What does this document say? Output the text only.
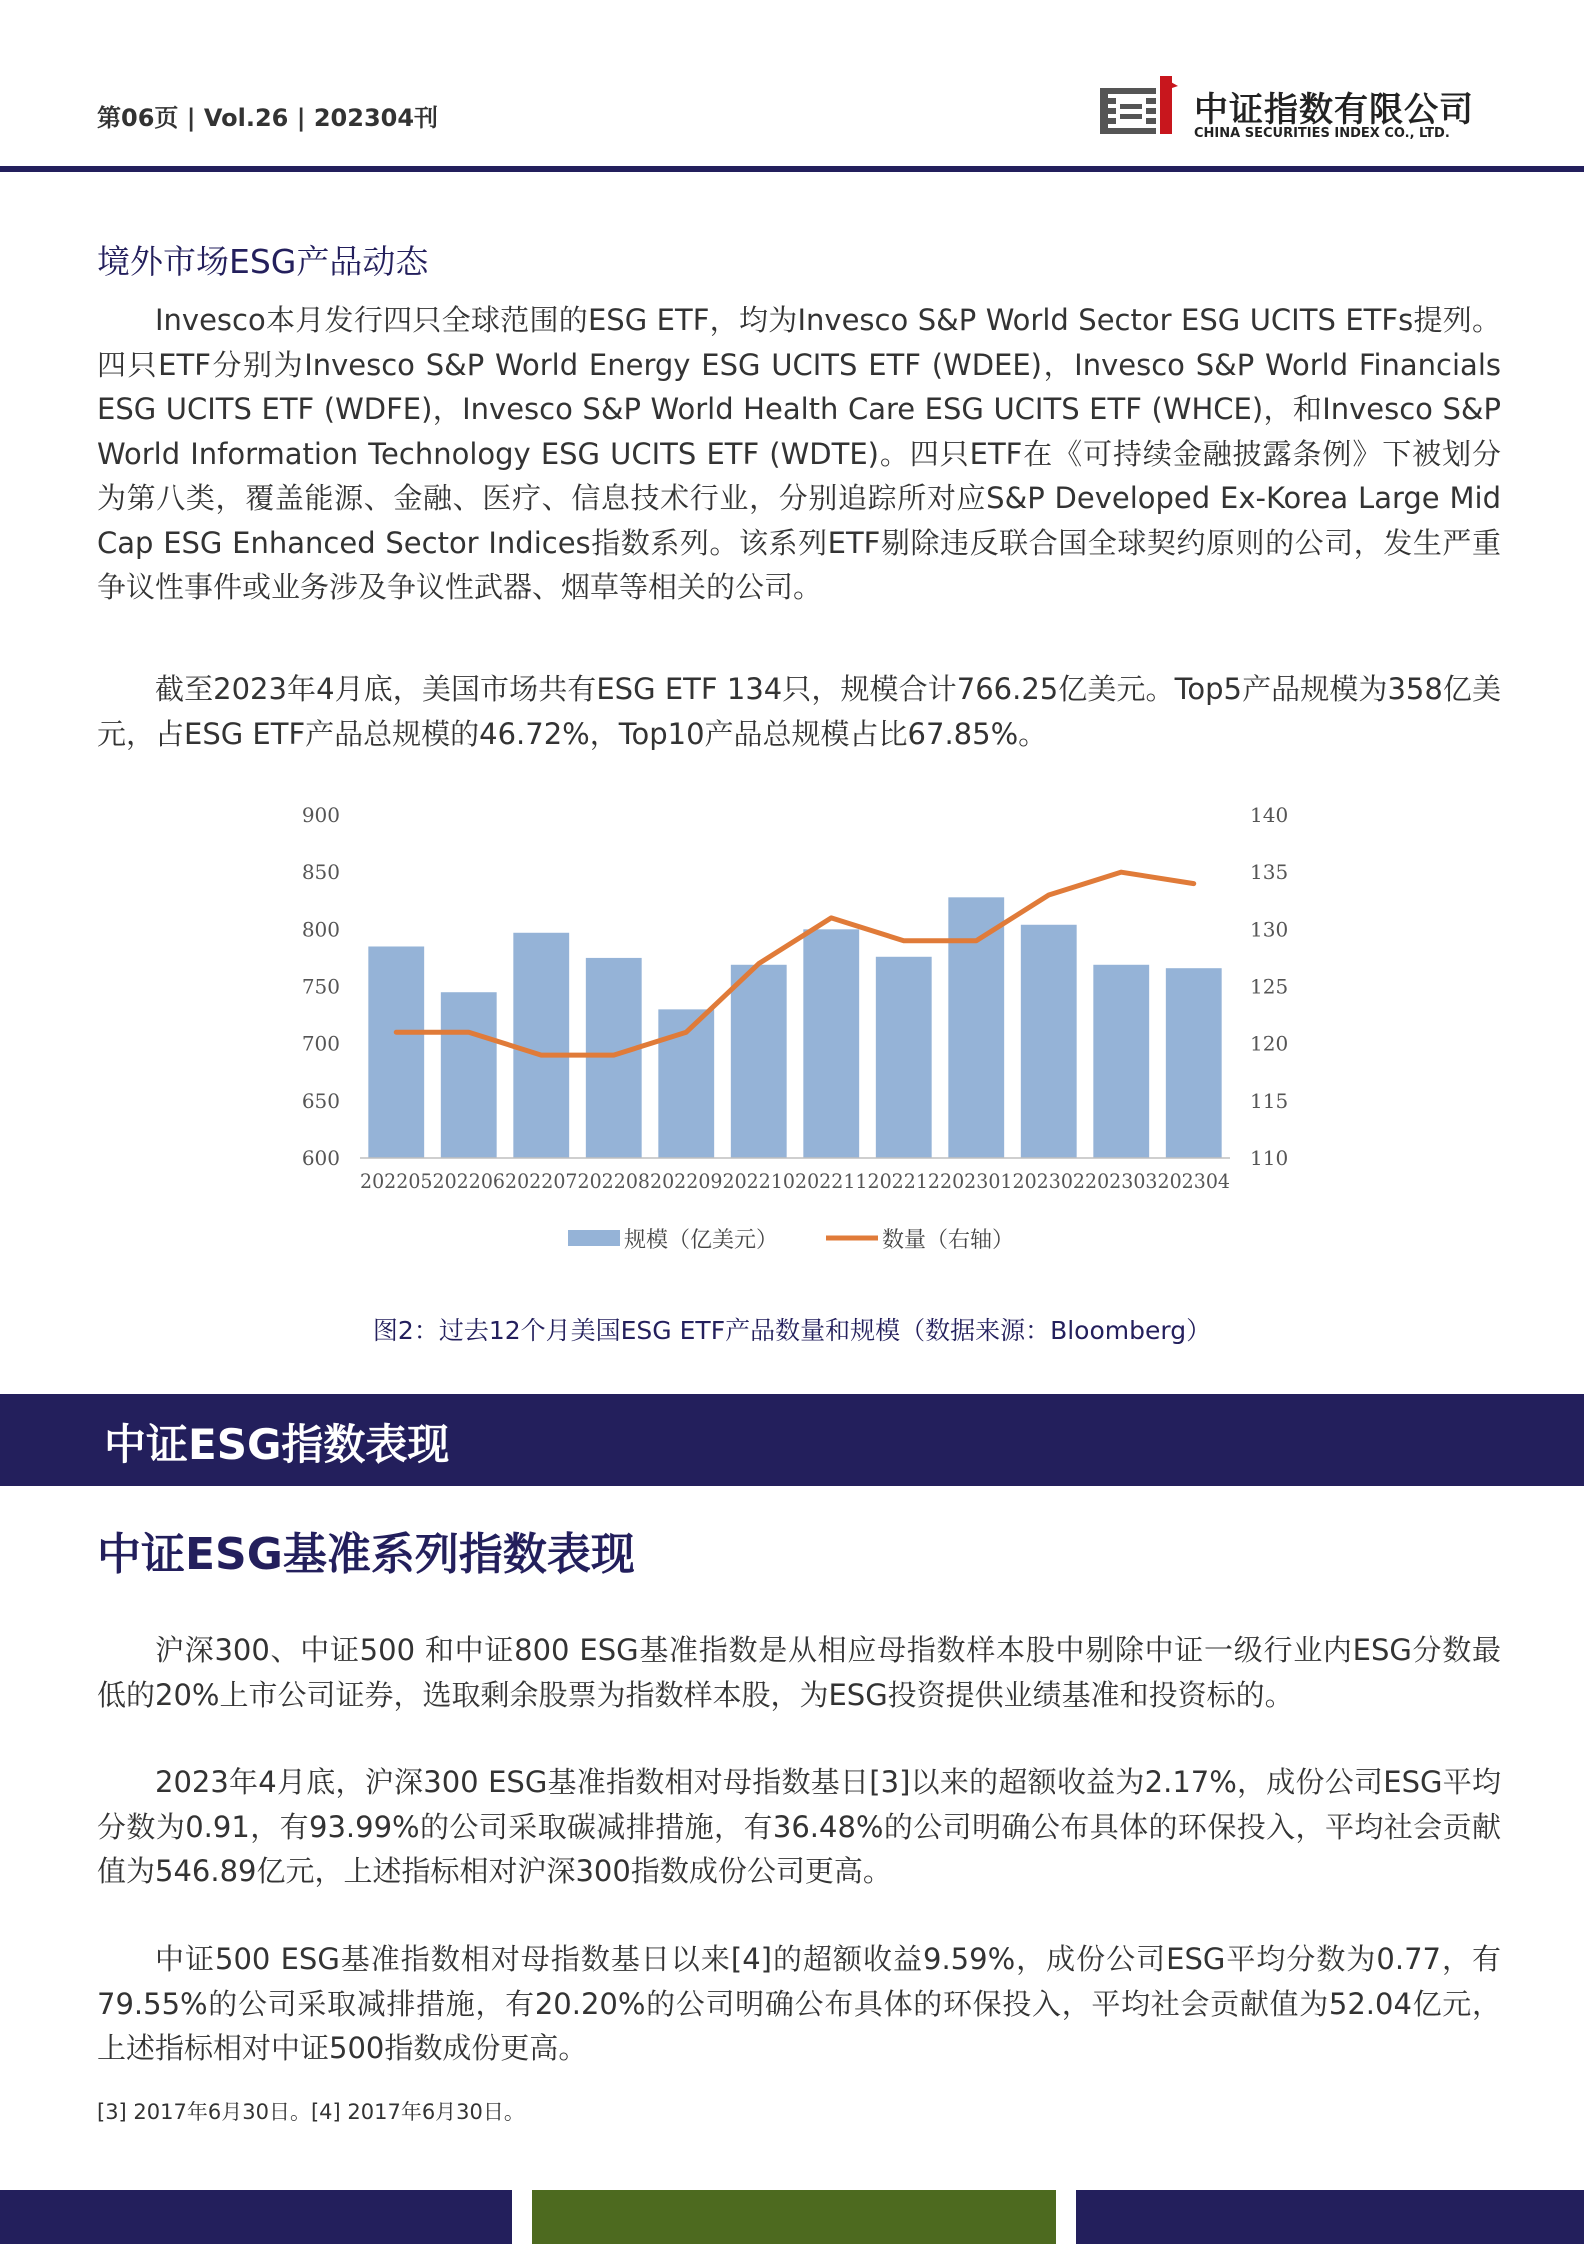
第06页 | Vol.26 | 202304刊	中证指数有限公司
CHINA SECURITIES INDEX CO., LTD.
境外市场ESG产品动态

Invesco本月发行四只全球范围的ESG ETF，均为Invesco S&P World Sector ESG UCITS ETFs提列。四只ETF分别为Invesco S&P World Energy ESG UCITS ETF (WDEE)，Invesco S&P World Financials ESG UCITS ETF (WDFE)，Invesco S&P World Health Care ESG UCITS ETF (WHCE)，和Invesco S&P World Information Technology ESG UCITS ETF (WDTE)。四只ETF在《可持续金融披露条例》下被划分为第八类，覆盖能源、金融、医疗、信息技术行业，分别追踪所对应S&P Developed Ex-Korea Large Mid Cap ESG Enhanced Sector Indices指数系列。该系列ETF剔除违反联合国全球契约原则的公司，发生严重争议性事件或业务涉及争议性武器、烟草等相关的公司。

截至2023年4月底，美国市场共有ESG ETF 134只，规模合计766.25亿美元。Top5产品规模为358亿美元，占ESG ETF产品总规模的46.72%，Top10产品总规模占比67.85%。

600
650
700
750
800
850
900
110
115
120
125
130
135
140
202205 202206 202207 202208 202209 202210 202211 202212 202301 202302 202303 202304
规模（亿美元）	数量（右轴）
图2：过去12个月美国ESG ETF产品数量和规模（数据来源：Bloomberg）
中证ESG指数表现
中证ESG基准系列指数表现

沪深300、中证500 和中证800 ESG基准指数是从相应母指数样本股中剔除中证一级行业内ESG分数最低的20%上市公司证券，选取剩余股票为指数样本股，为ESG投资提供业绩基准和投资标的。

2023年4月底，沪深300 ESG基准指数相对母指数基日[3]以来的超额收益为2.17%，成份公司ESG平均分数为0.91，有93.99%的公司采取碳减排措施，有36.48%的公司明确公布具体的环保投入，平均社会贡献值为546.89亿元，上述指标相对沪深300指数成份公司更高。

中证500 ESG基准指数相对母指数基日以来[4]的超额收益9.59%，成份公司ESG平均分数为0.77，有79.55%的公司采取减排措施，有20.20%的公司明确公布具体的环保投入，平均社会贡献值为52.04亿元，上述指标相对中证500指数成份更高。

[3] 2017年6月30日。[4] 2017年6月30日。
